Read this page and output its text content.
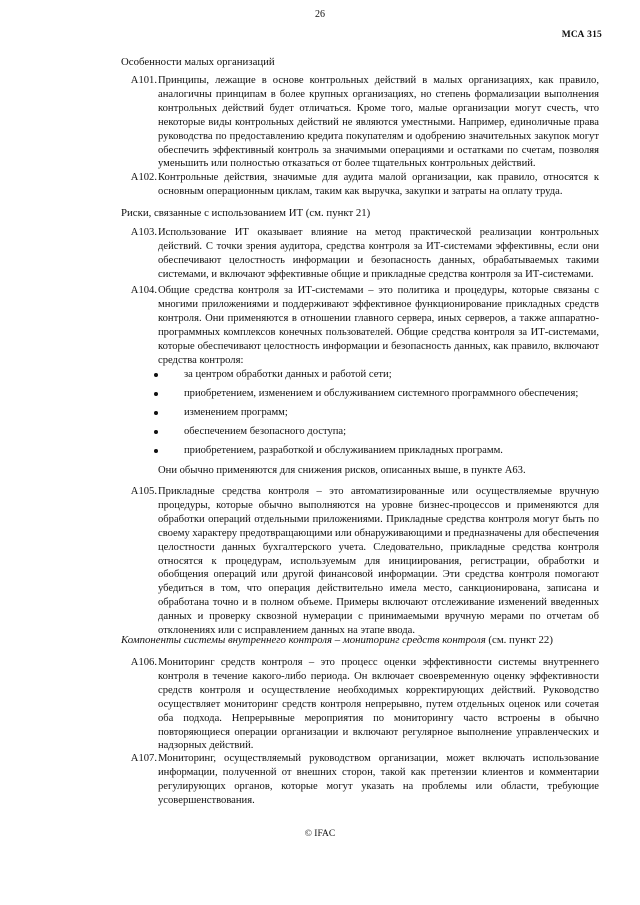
26
МСА 315
Особенности малых организаций
A101. Принципы, лежащие в основе контрольных действий в малых организациях, как правило, аналогичны принципам в более крупных организациях, но степень формализации выполнения контрольных действий будет отличаться. Кроме того, малые организации могут счесть, что некоторые виды контрольных действий не являются уместными. Например, единоличные права руководства по предоставлению кредита покупателям и одобрению значительных закупок могут обеспечить эффективный контроль за значимыми операциями и остатками по счетам, позволяя уменьшить или полностью отказаться от более тщательных контрольных действий.
A102. Контрольные действия, значимые для аудита малой организации, как правило, относятся к основным операционным циклам, таким как выручка, закупки и затраты на оплату труда.
Риски, связанные с использованием ИТ (см. пункт 21)
A103. Использование ИТ оказывает влияние на метод практической реализации контрольных действий. С точки зрения аудитора, средства контроля за ИТ-системами эффективны, если они обеспечивают целостность информации и безопасность данных, обрабатываемых такими системами, и включают эффективные общие и прикладные средства контроля за ИТ-системами.
A104. Общие средства контроля за ИТ-системами – это политика и процедуры, которые связаны с многими приложениями и поддерживают эффективное функционирование прикладных средств контроля. Они применяются в отношении главного сервера, иных серверов, а также аппаратно-программных комплексов конечных пользователей. Общие средства контроля за ИТ-системами, которые обеспечивают целостность информации и безопасность данных, как правило, включают средства контроля:
за центром обработки данных и работой сети;
приобретением, изменением и обслуживанием системного программного обеспечения;
изменением программ;
обеспечением безопасного доступа;
приобретением, разработкой и обслуживанием прикладных программ.
Они обычно применяются для снижения рисков, описанных выше, в пункте A63.
A105. Прикладные средства контроля – это автоматизированные или осуществляемые вручную процедуры, которые обычно выполняются на уровне бизнес-процессов и применяются для обработки операций отдельными приложениями. Прикладные средства контроля могут быть по своему характеру предотвращающими или обнаруживающими и предназначены для обеспечения целостности данных бухгалтерского учета. Следовательно, прикладные средства контроля относятся к процедурам, используемым для инициирования, регистрации, обработки и обобщения операций или другой финансовой информации. Эти средства контроля помогают убедиться в том, что операция действительно имела место, санкционирована, записана и обработана точно и в полном объеме. Примеры включают отслеживание изменений введенных данных и проверку сквозной нумерации с принимаемыми вручную мерами по отчетам об отклонениях или с исправлением данных на этапе ввода.
Компоненты системы внутреннего контроля – мониторинг средств контроля (см. пункт 22)
A106. Мониторинг средств контроля – это процесс оценки эффективности системы внутреннего контроля в течение какого-либо периода. Он включает своевременную оценку эффективности средств контроля и осуществление необходимых корректирующих действий. Руководство осуществляет мониторинг средств контроля непрерывно, путем отдельных оценок или сочетая оба подхода. Непрерывные мероприятия по мониторингу часто встроены в обычно повторяющиеся операции организации и включают регулярное выполнение управленческих и надзорных действий.
A107. Мониторинг, осуществляемый руководством организации, может включать использование информации, полученной от внешних сторон, такой как претензии клиентов и комментарии регулирующих органов, которые могут указать на проблемы или области, требующие усовершенствования.
© IFAC
